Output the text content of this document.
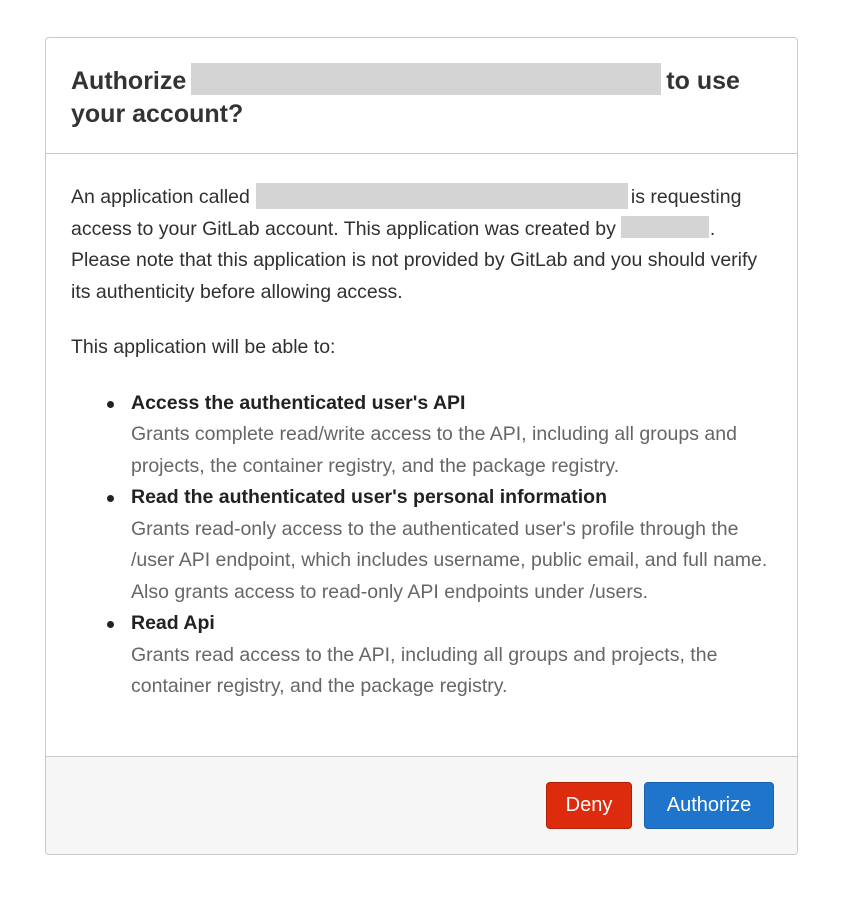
Authorize	to use your account?

An application called	is requesting access to your GitLab account. This application was created by	. Please note that this application is not provided by GitLab and you should verify its authenticity before allowing access.

This application will be able to:

Access the authenticated user's API
Grants complete read/write access to the API, including all groups and projects, the container registry, and the package registry.
Read the authenticated user's personal information
Grants read-only access to the authenticated user's profile through the /user API endpoint, which includes username, public email, and full name. Also grants access to read-only API endpoints under /users.
Read Api
Grants read access to the API, including all groups and projects, the container registry, and the package registry.
Deny	Authorize
